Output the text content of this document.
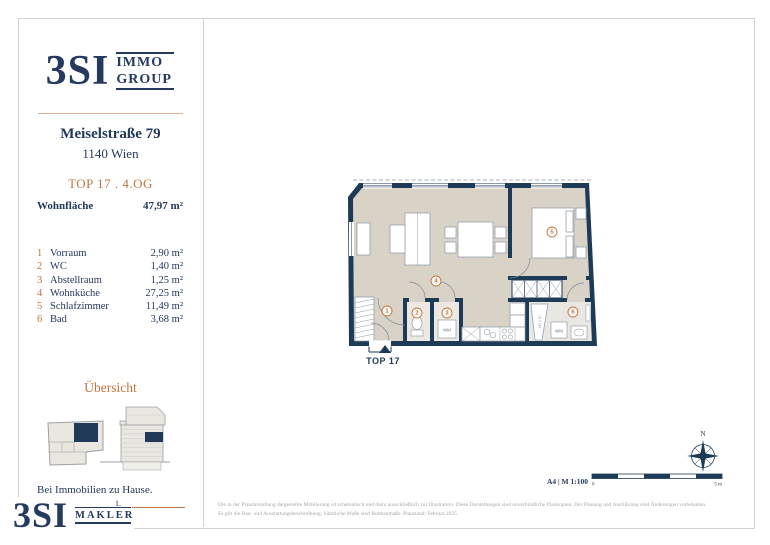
3SI IMMO
GROUP
Meiselstraße 79
1140 Wien
TOP 17 . 4.OG
Wohnfläche	47,97 m²
1 Vorraum	2,90 m²
2 WC	1,40 m²
3 Abstellraum	1,25 m²
4 Wohnküche	27,25 m²
5 Schlafzimmer	11,49 m²
6 Bad	3,68 m²
Übersicht
Bei Immobilien zu Hause.
3SI MAKLER
1.
WM
140 x 90
WM
TOP 17
1	2	3
4
5
6
A4 | M 1:100 0	5 m
N
Die in der Plandarstellung dargestellte Möblierung ist schematisch und dient ausschließlich zur Illustration. Diese Darstellungen sind unverbindliche Plankopien. Der Planung und Ausführung sind Änderungen vorbehalten.
Es gilt die Bau- und Ausstattungsbeschreibung. Sämtliche Maße sind Rohbaumaße. Planstand: Februar 2025
